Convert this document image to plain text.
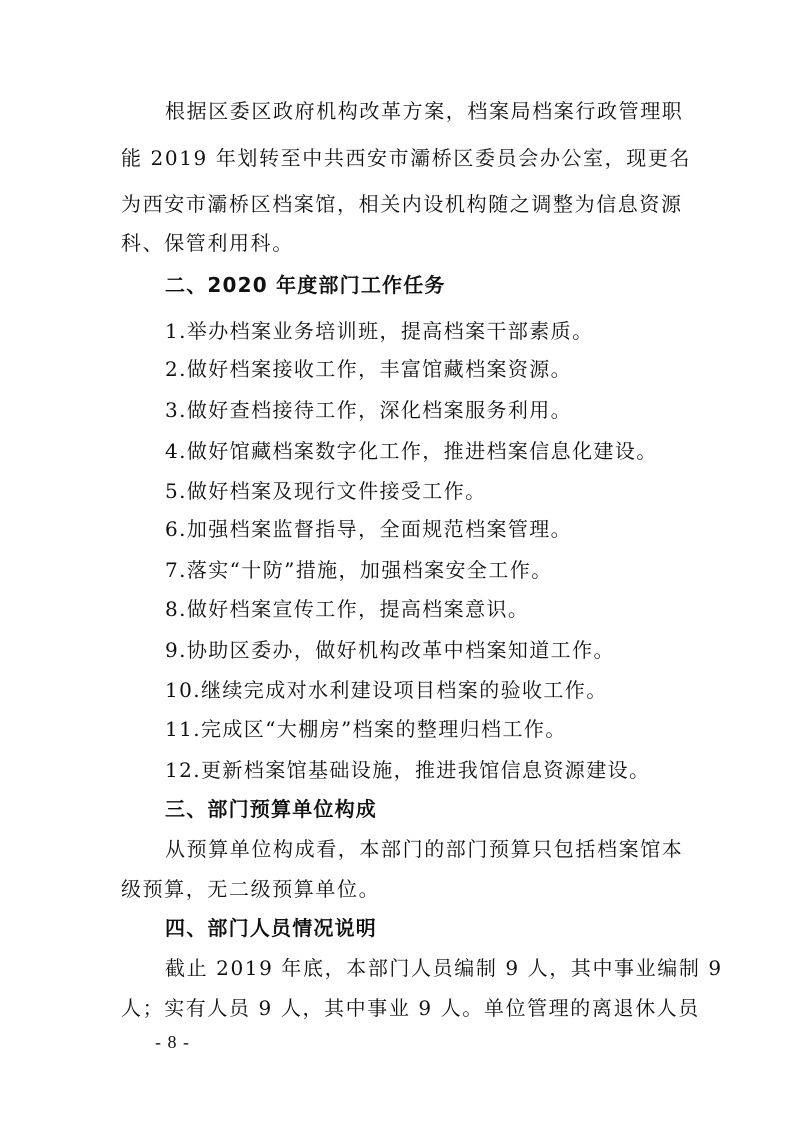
根据区委区政府机构改革方案，档案局档案行政管理职
能 2019 年划转至中共西安市灞桥区委员会办公室，现更名
为西安市灞桥区档案馆，相关内设机构随之调整为信息资源
科、保管利用科。
二、2020 年度部门工作任务
1.举办档案业务培训班，提高档案干部素质。
2.做好档案接收工作，丰富馆藏档案资源。
3.做好查档接待工作，深化档案服务利用。
4.做好馆藏档案数字化工作，推进档案信息化建设。
5.做好档案及现行文件接受工作。
6.加强档案监督指导，全面规范档案管理。
7.落实“十防”措施，加强档案安全工作。
8.做好档案宣传工作，提高档案意识。
9.协助区委办，做好机构改革中档案知道工作。
10.继续完成对水利建设项目档案的验收工作。
11.完成区“大棚房”档案的整理归档工作。
12.更新档案馆基础设施，推进我馆信息资源建设。
三、部门预算单位构成
从预算单位构成看，本部门的部门预算只包括档案馆本
级预算，无二级预算单位。
四、部门人员情况说明
截止 2019 年底，本部门人员编制 9 人，其中事业编制 9
人；实有人员 9 人，其中事业 9 人。单位管理的离退休人员
- 8 -
